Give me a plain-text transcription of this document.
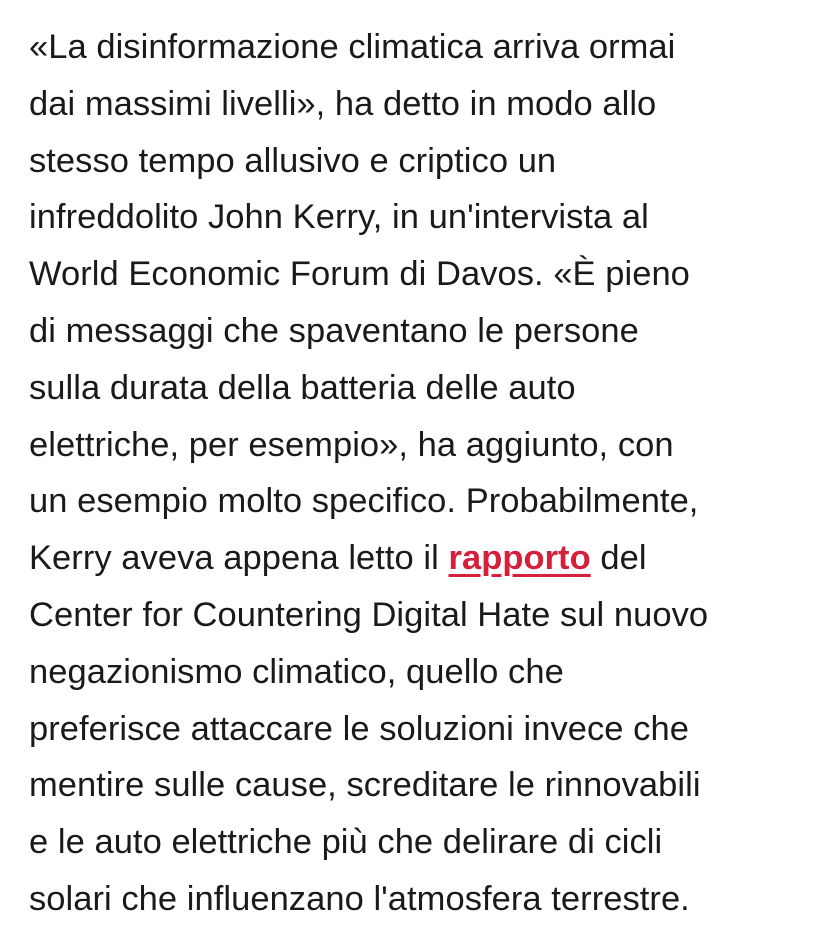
«La disinformazione climatica arriva ormai
dai massimi livelli», ha detto in modo allo
stesso tempo allusivo e criptico un
infreddolito John Kerry, in un'intervista al
World Economic Forum di Davos. «È pieno
di messaggi che spaventano le persone
sulla durata della batteria delle auto
elettriche, per esempio», ha aggiunto, con
un esempio molto specifico. Probabilmente,
Kerry aveva appena letto il rapporto del
Center for Countering Digital Hate sul nuovo
negazionismo climatico, quello che
preferisce attaccare le soluzioni invece che
mentire sulle cause, screditare le rinnovabili
e le auto elettriche più che delirare di cicli
solari che influenzano l'atmosfera terrestre.
